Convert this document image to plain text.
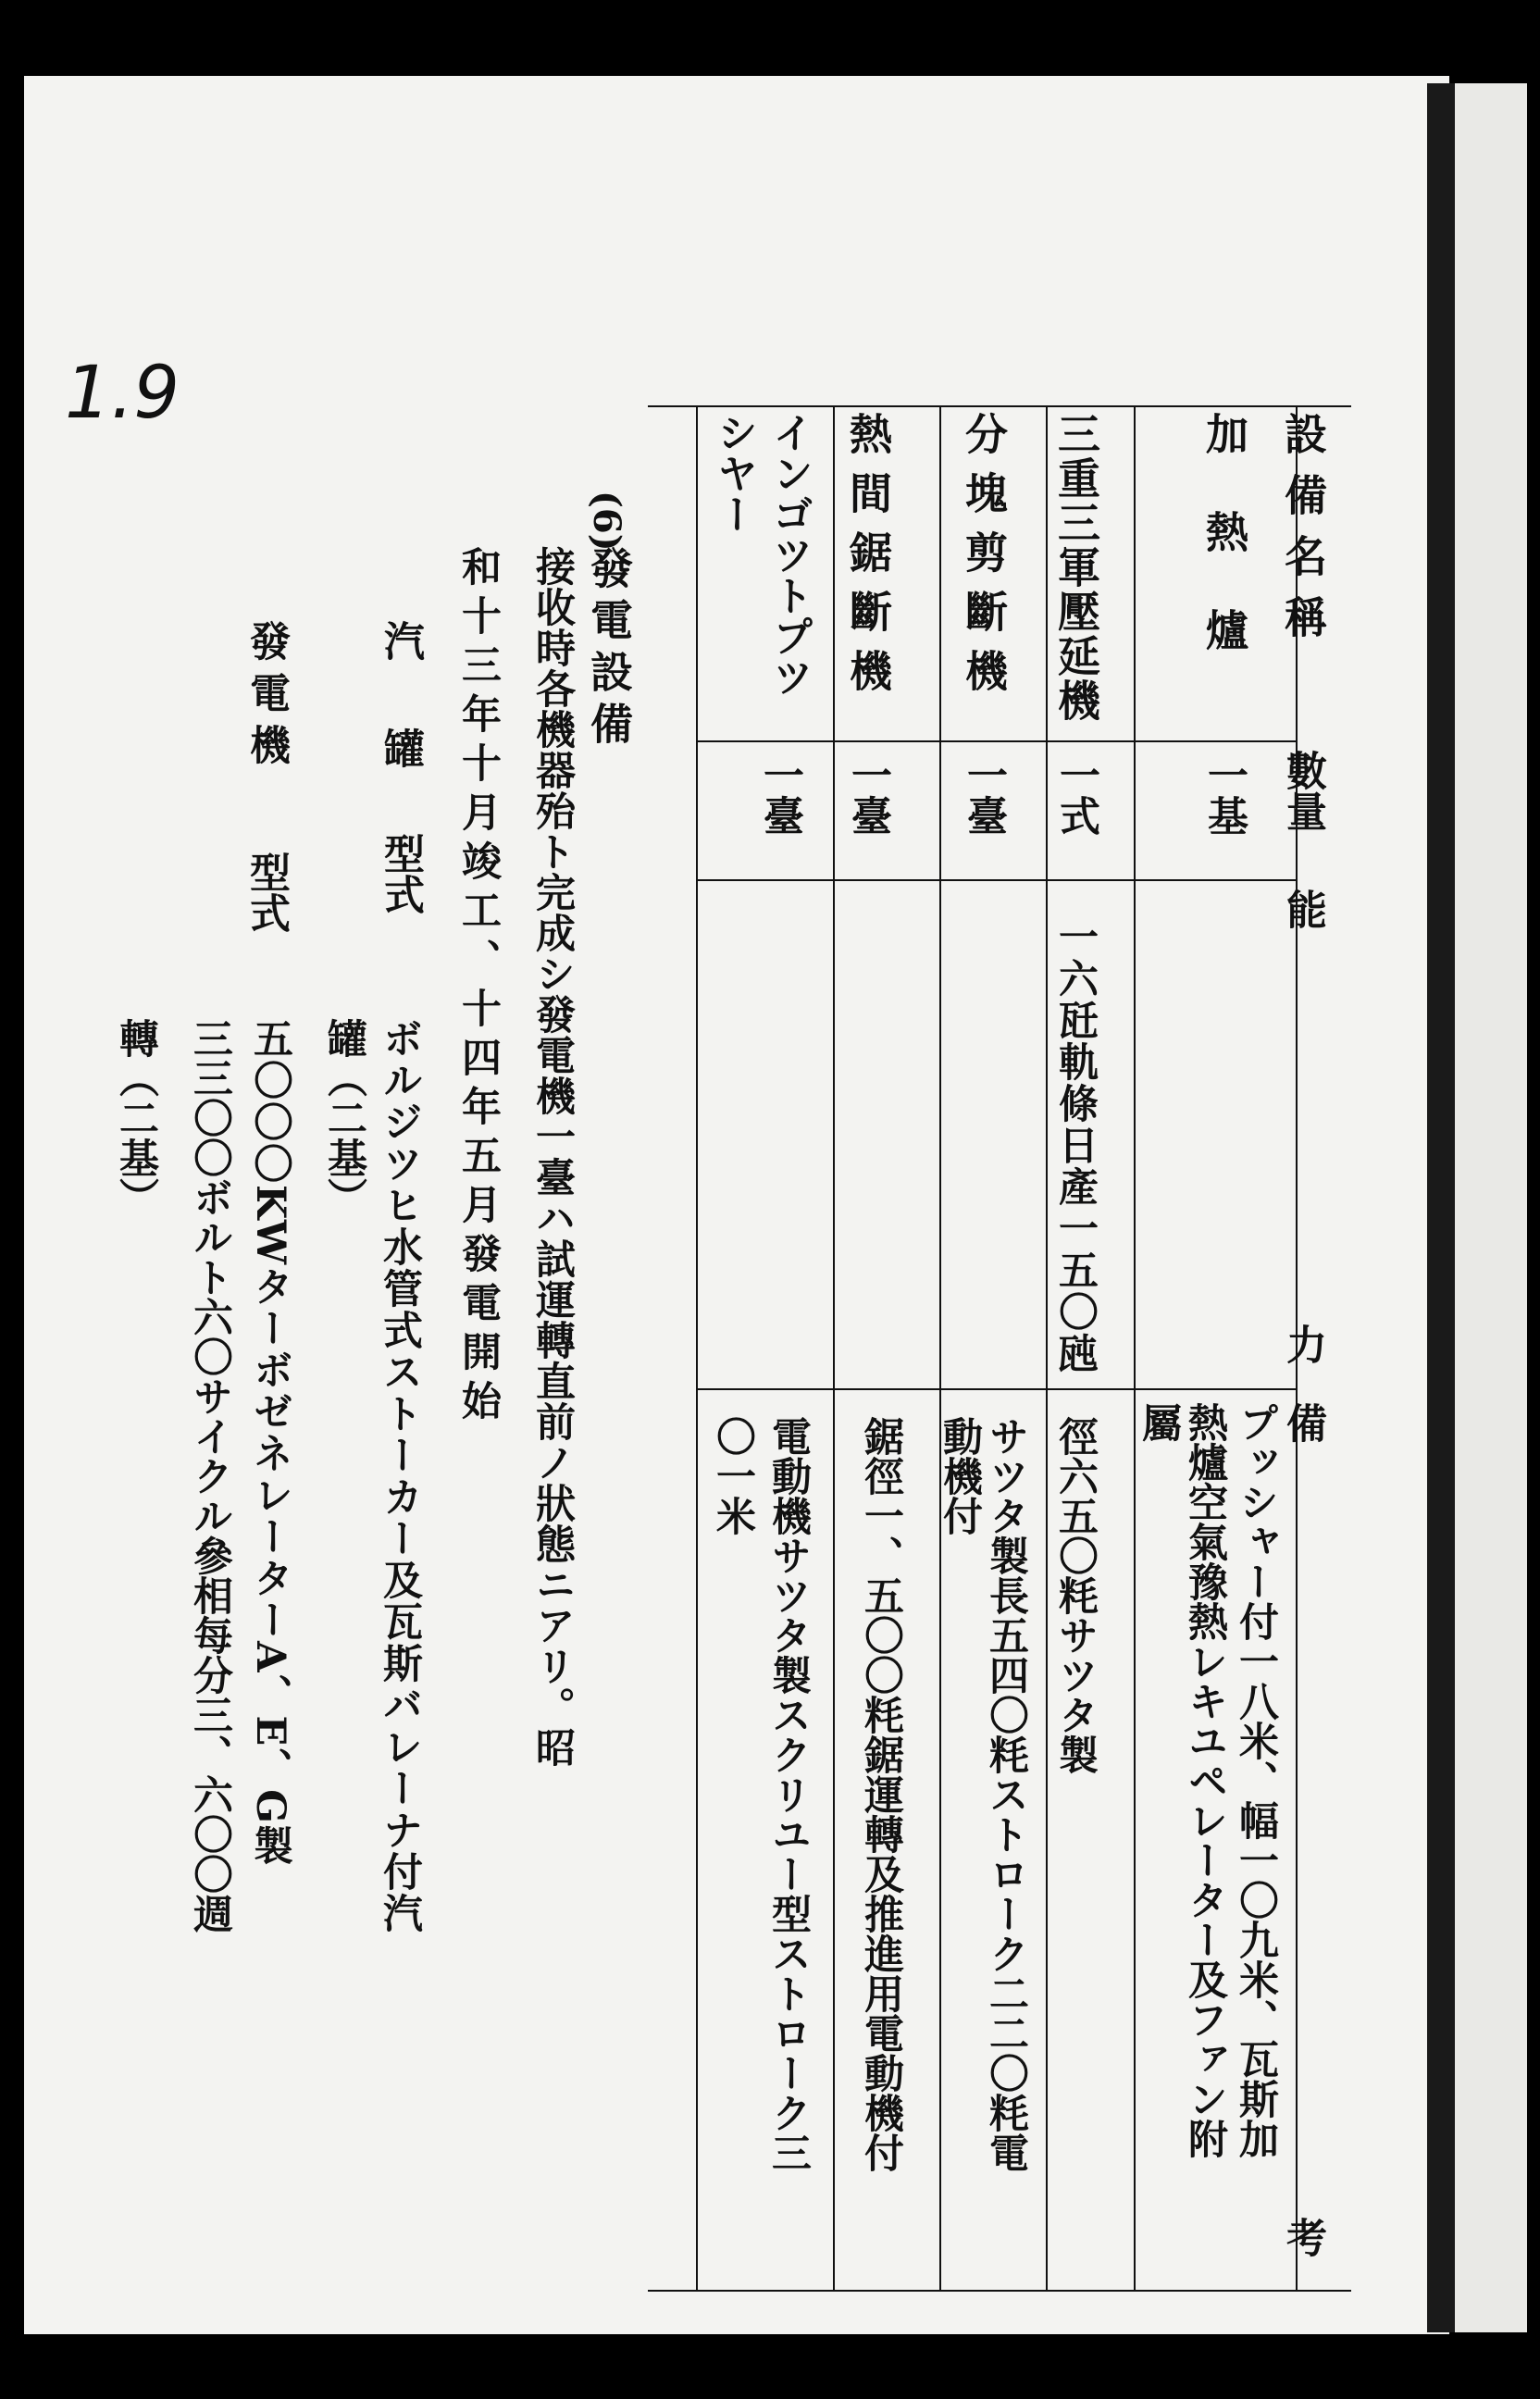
1.9
設備名稱
數量
能
力
備
考
加熱爐
一基
プッシャー付一八米、幅一〇九米、瓦斯加
熱爐空氣豫熱レキユペレーター及ファン附
屬
三重三軍壓延機
一式
一六瓩軌條日產一五〇瓲
徑六五〇粍サツタ製
分塊剪斷機
一臺
サツタ製長五四〇粍ストローク二二〇粍電
動機付
熱間鋸斷機
一臺
鋸徑一、五〇〇粍鋸運轉及推進用電動機付
インゴツトプツ
シヤー
一臺
電動機サツタ製スクリユー型ストローク三
〇一米
(6)
發電設備
接收時各機器殆ト完成シ發電機一臺ハ試運轉直前ノ狀態ニアリ。昭
和十三年十月竣工、十四年五月發電開始
汽　罐
型式
ボルジツヒ水管式ストーカー及瓦斯バレーナ付汽
罐（二基）
發電機
型式
五〇〇〇KWターボゼネレーターA、E、G製
三三〇〇ボルト六〇サイクル參相每分三、六〇〇週
轉（二基）
